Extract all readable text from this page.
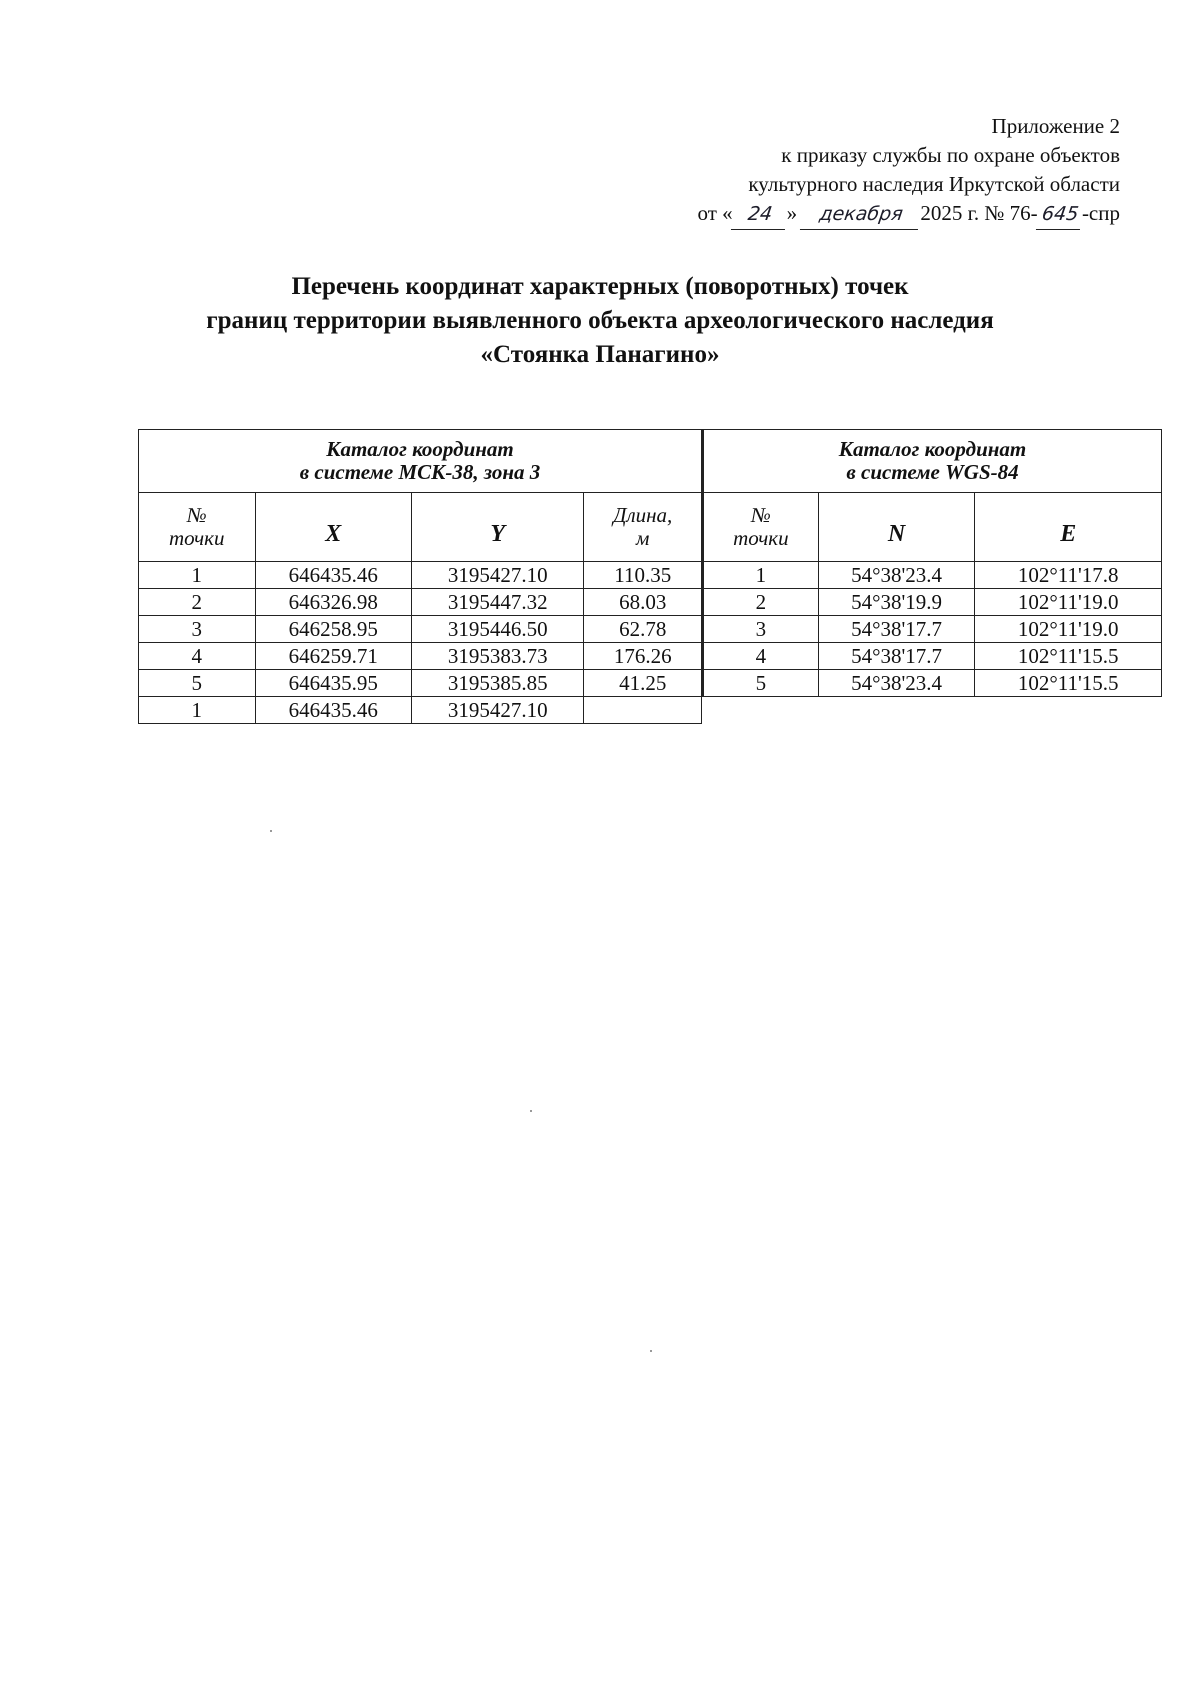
Приложение 2
к приказу службы по охране объектов
культурного наследия Иркутской области
от « 24 » декабря 2025 г. № 76- 645 -спр
Перечень координат характерных (поворотных) точек
границ территории выявленного объекта археологического наследия
«Стоянка Панагино»
Каталог координат
в системе МСК-38, зона 3			
№
точки	X	Y	Длина,
м
1	646435.46	3195427.10	110.35
2	646326.98	3195447.32	68.03
3	646258.95	3195446.50	62.78
4	646259.71	3195383.73	176.26
5	646435.95	3195385.85	41.25
1	646435.46	3195427.10	
Каталог координат
в системе WGS-84		
№
точки	N	E
1	54°38'23.4	102°11'17.8
2	54°38'19.9	102°11'19.0
3	54°38'17.7	102°11'19.0
4	54°38'17.7	102°11'15.5
5	54°38'23.4	102°11'15.5
